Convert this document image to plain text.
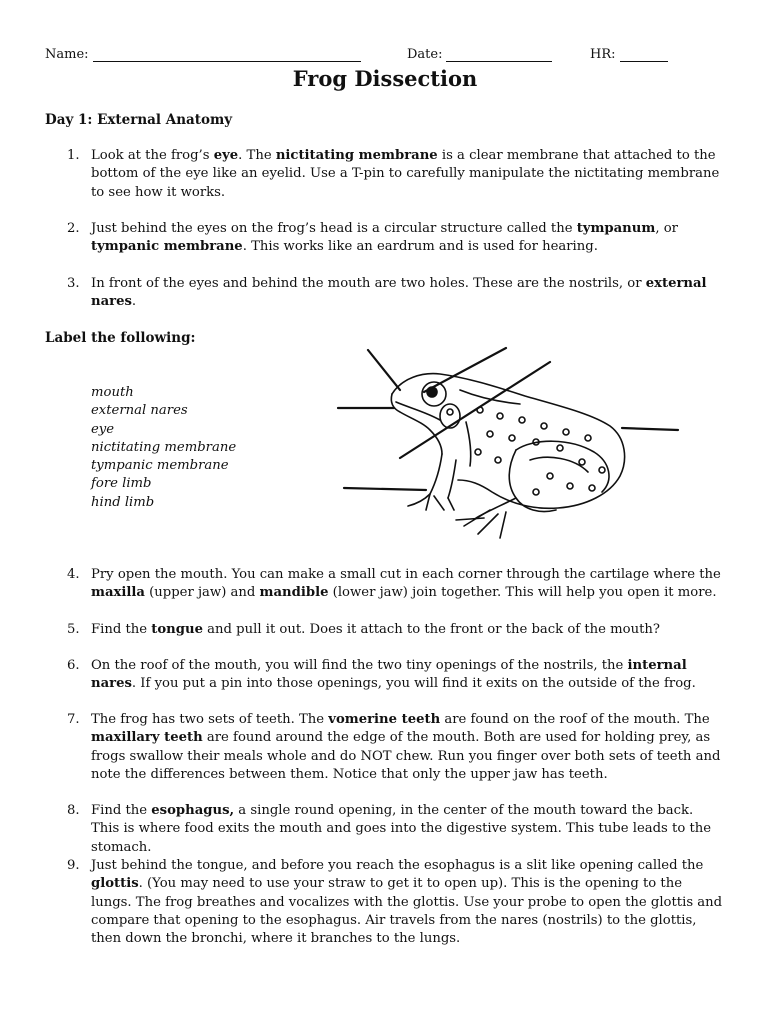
Name:	Date:	HR:
Frog Dissection
Day 1: External Anatomy
1. Look at the frog’s eye. The nictitating membrane is a clear membrane that attached to the bottom of the eye like an eyelid. Use a T-pin to carefully manipulate the nictitating membrane to see how it works.
2. Just behind the eyes on the frog’s head is a circular structure called the tympanum, or tympanic membrane. This works like an eardrum and is used for hearing.
3. In front of the eyes and behind the mouth are two holes. These are the nostrils, or external nares.
Label the following:
mouth
external nares
eye
nictitating membrane
tympanic membrane
fore limb
hind limb
4. Pry open the mouth. You can make a small cut in each corner through the cartilage where the maxilla (upper jaw) and mandible (lower jaw) join together. This will help you open it more.
5. Find the tongue and pull it out. Does it attach to the front or the back of the mouth?
6. On the roof of the mouth, you will find the two tiny openings of the nostrils, the internal nares. If you put a pin into those openings, you will find it exits on the outside of the frog.
7. The frog has two sets of teeth. The vomerine teeth are found on the roof of the mouth. The maxillary teeth are found around the edge of the mouth. Both are used for holding prey, as frogs swallow their meals whole and do NOT chew. Run you finger over both sets of teeth and note the differences between them. Notice that only the upper jaw has teeth.
8. Find the esophagus, a single round opening, in the center of the mouth toward the back. This is where food exits the mouth and goes into the digestive system. This tube leads to the stomach.
9. Just behind the tongue, and before you reach the esophagus is a slit like opening called the glottis. (You may need to use your straw to get it to open up). This is the opening to the lungs. The frog breathes and vocalizes with the glottis. Use your probe to open the glottis and compare that opening to the esophagus. Air travels from the nares (nostrils) to the glottis, then down the bronchi, where it branches to the lungs.
